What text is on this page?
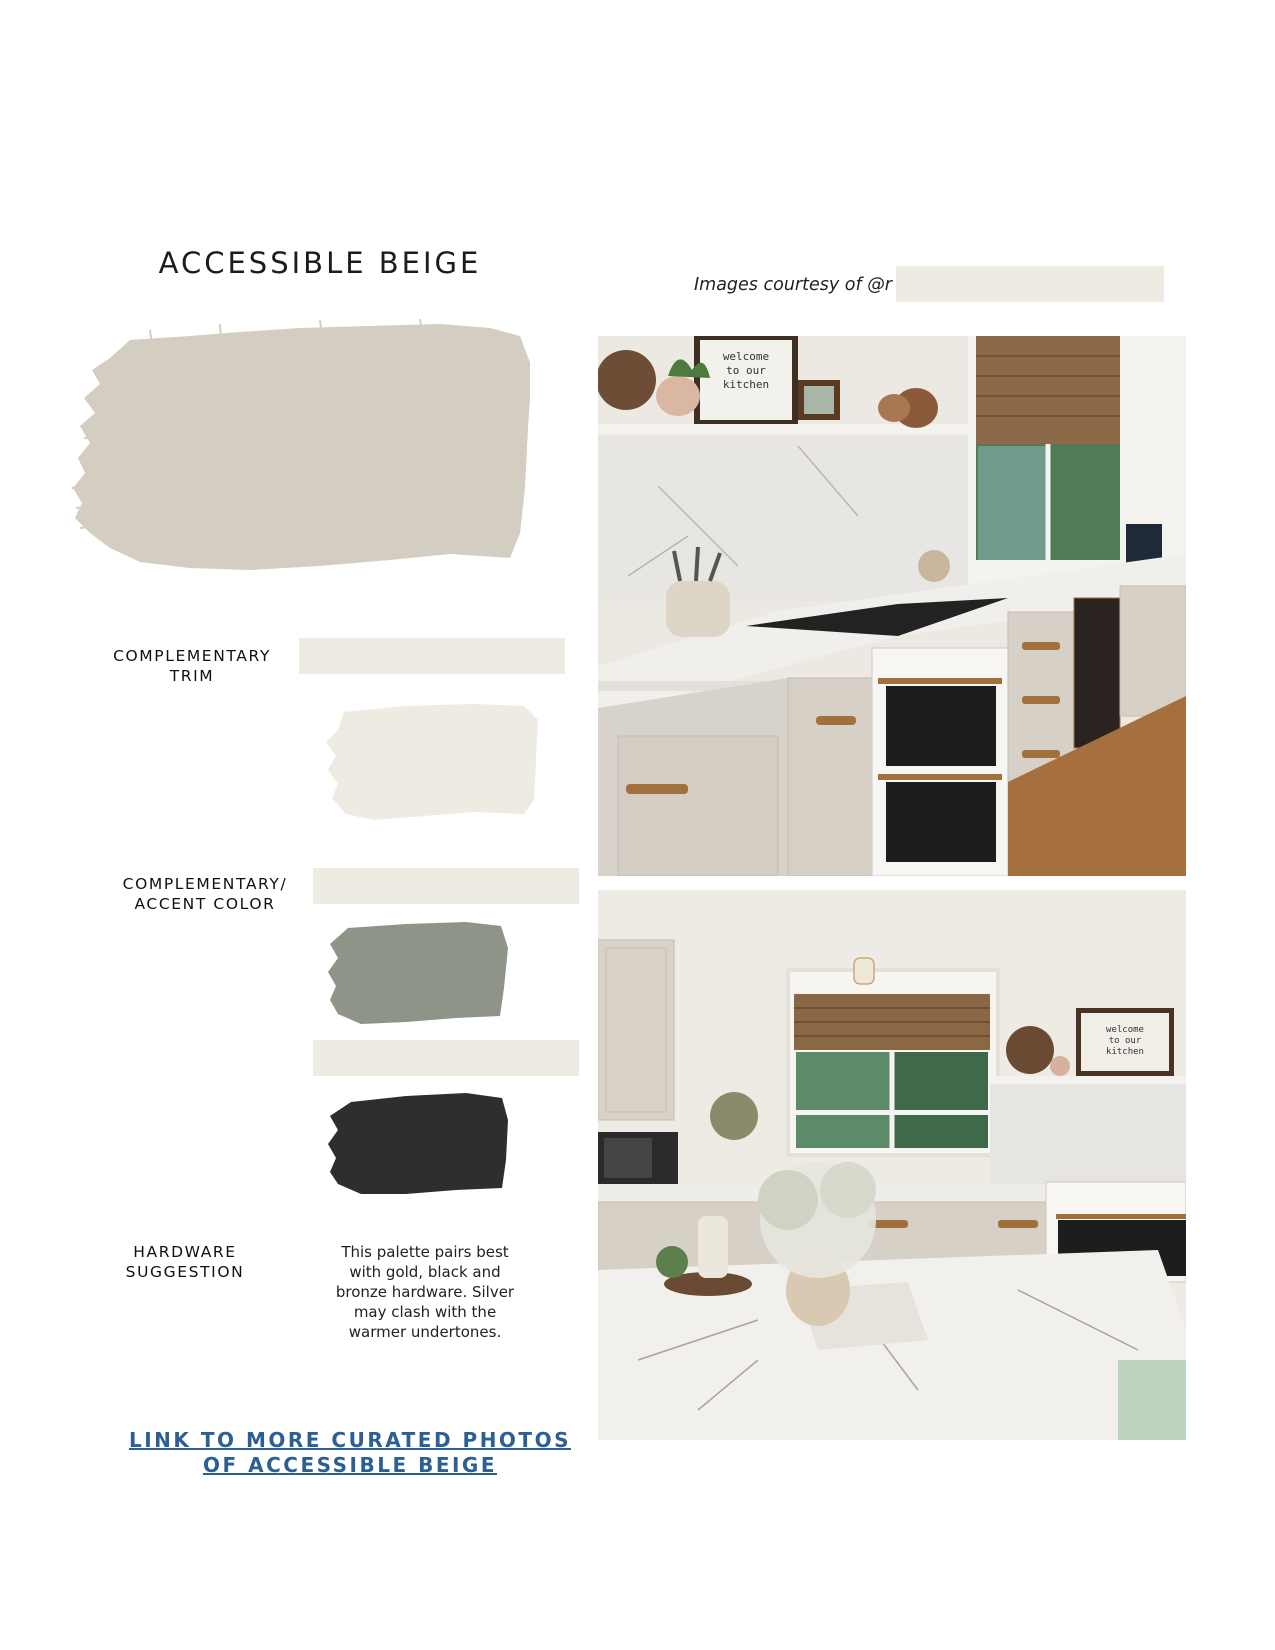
ACCESSIBLE BEIGE
Images courtesy of @r
COMPLEMENTARY
TRIM
COMPLEMENTARY/
ACCENT COLOR
HARDWARE
SUGGESTION
This palette pairs best
with gold, black and
bronze hardware. Silver
may clash with the
warmer undertones.
LINK TO MORE CURATED PHOTOS
OF ACCESSIBLE BEIGE
welcome to our kitchen
welcome to our kitchen
